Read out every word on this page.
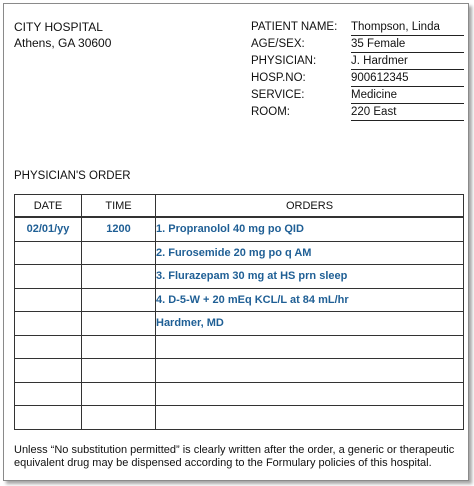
CITY HOSPITAL
Athens, GA 30600
PATIENT NAME: Thompson, Linda
AGE/SEX:	35 Female
PHYSICIAN:	J. Hardmer
HOSP.NO:	900612345
SERVICE:	Medicine
ROOM:	220 East
PHYSICIAN'S ORDER
DATE	TIME	ORDERS
02/01/yy	1200	1. Propranolol 40 mg po QID
		2. Furosemide 20 mg po q AM
		3. Flurazepam 30 mg at HS prn sleep
		4. D-5-W + 20 mEq KCL/L at 84 mL/hr
		Hardmer, MD

Unless “No substitution permitted” is clearly written after the order, a generic or therapeutic equivalent drug may be dispensed according to the Formulary policies of this hospital.
